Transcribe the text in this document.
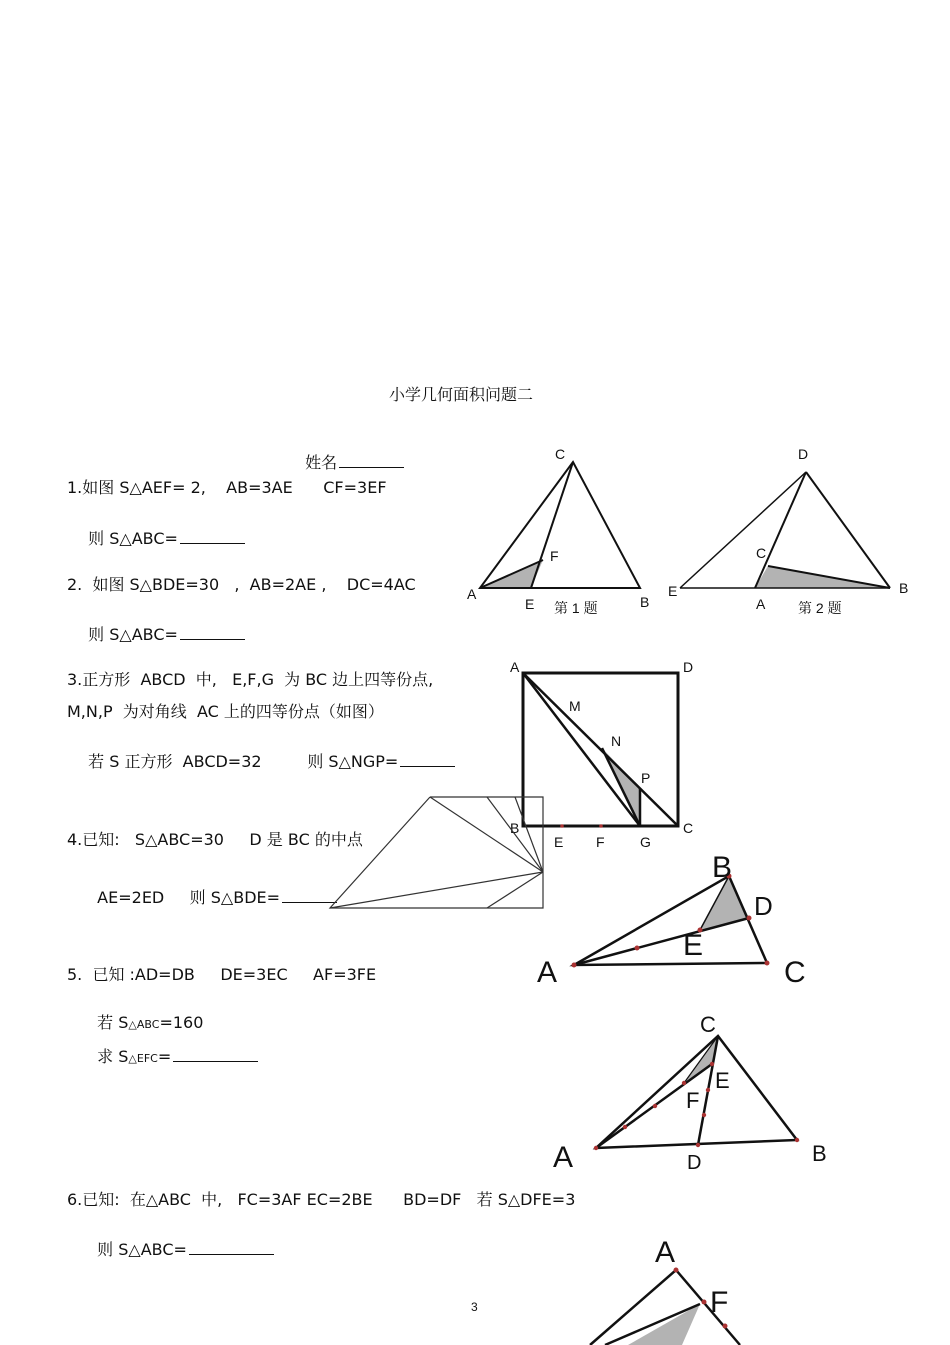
小学几何面积问题二

姓名

1.如图 S△AEF= 2,    AB=3AE      CF=3EF

则 S△ABC=

2.  如图 S△BDE=30   ,  AB=2AE ,    DC=4AC

则 S△ABC=

3.正方形  ABCD  中,   E,F,G  为 BC 边上四等份点,
M,N,P  为对角线  AC 上的四等份点（如图）

若 S 正方形  ABCD=32         则 S△NGP=

4.已知:   S△ABC=30     D 是 BC 的中点

AE=2ED     则 S△BDE=

5.  已知 :AD=DB     DE=3EC     AF=3FE

若 S△ABC=160

求 S△EFC=

6.已知:  在△ABC  中,   FC=3AF EC=2BE      BD=DF   若 S△DFE=3

则 S△ABC=

C
F
A
E	B
第 1 题
D
C
E
A
B
第 2 题
A	D
M
N
P
B
E F	G
C
B
D
E
A	C
C
E
F
A	D	B
A
F
3
